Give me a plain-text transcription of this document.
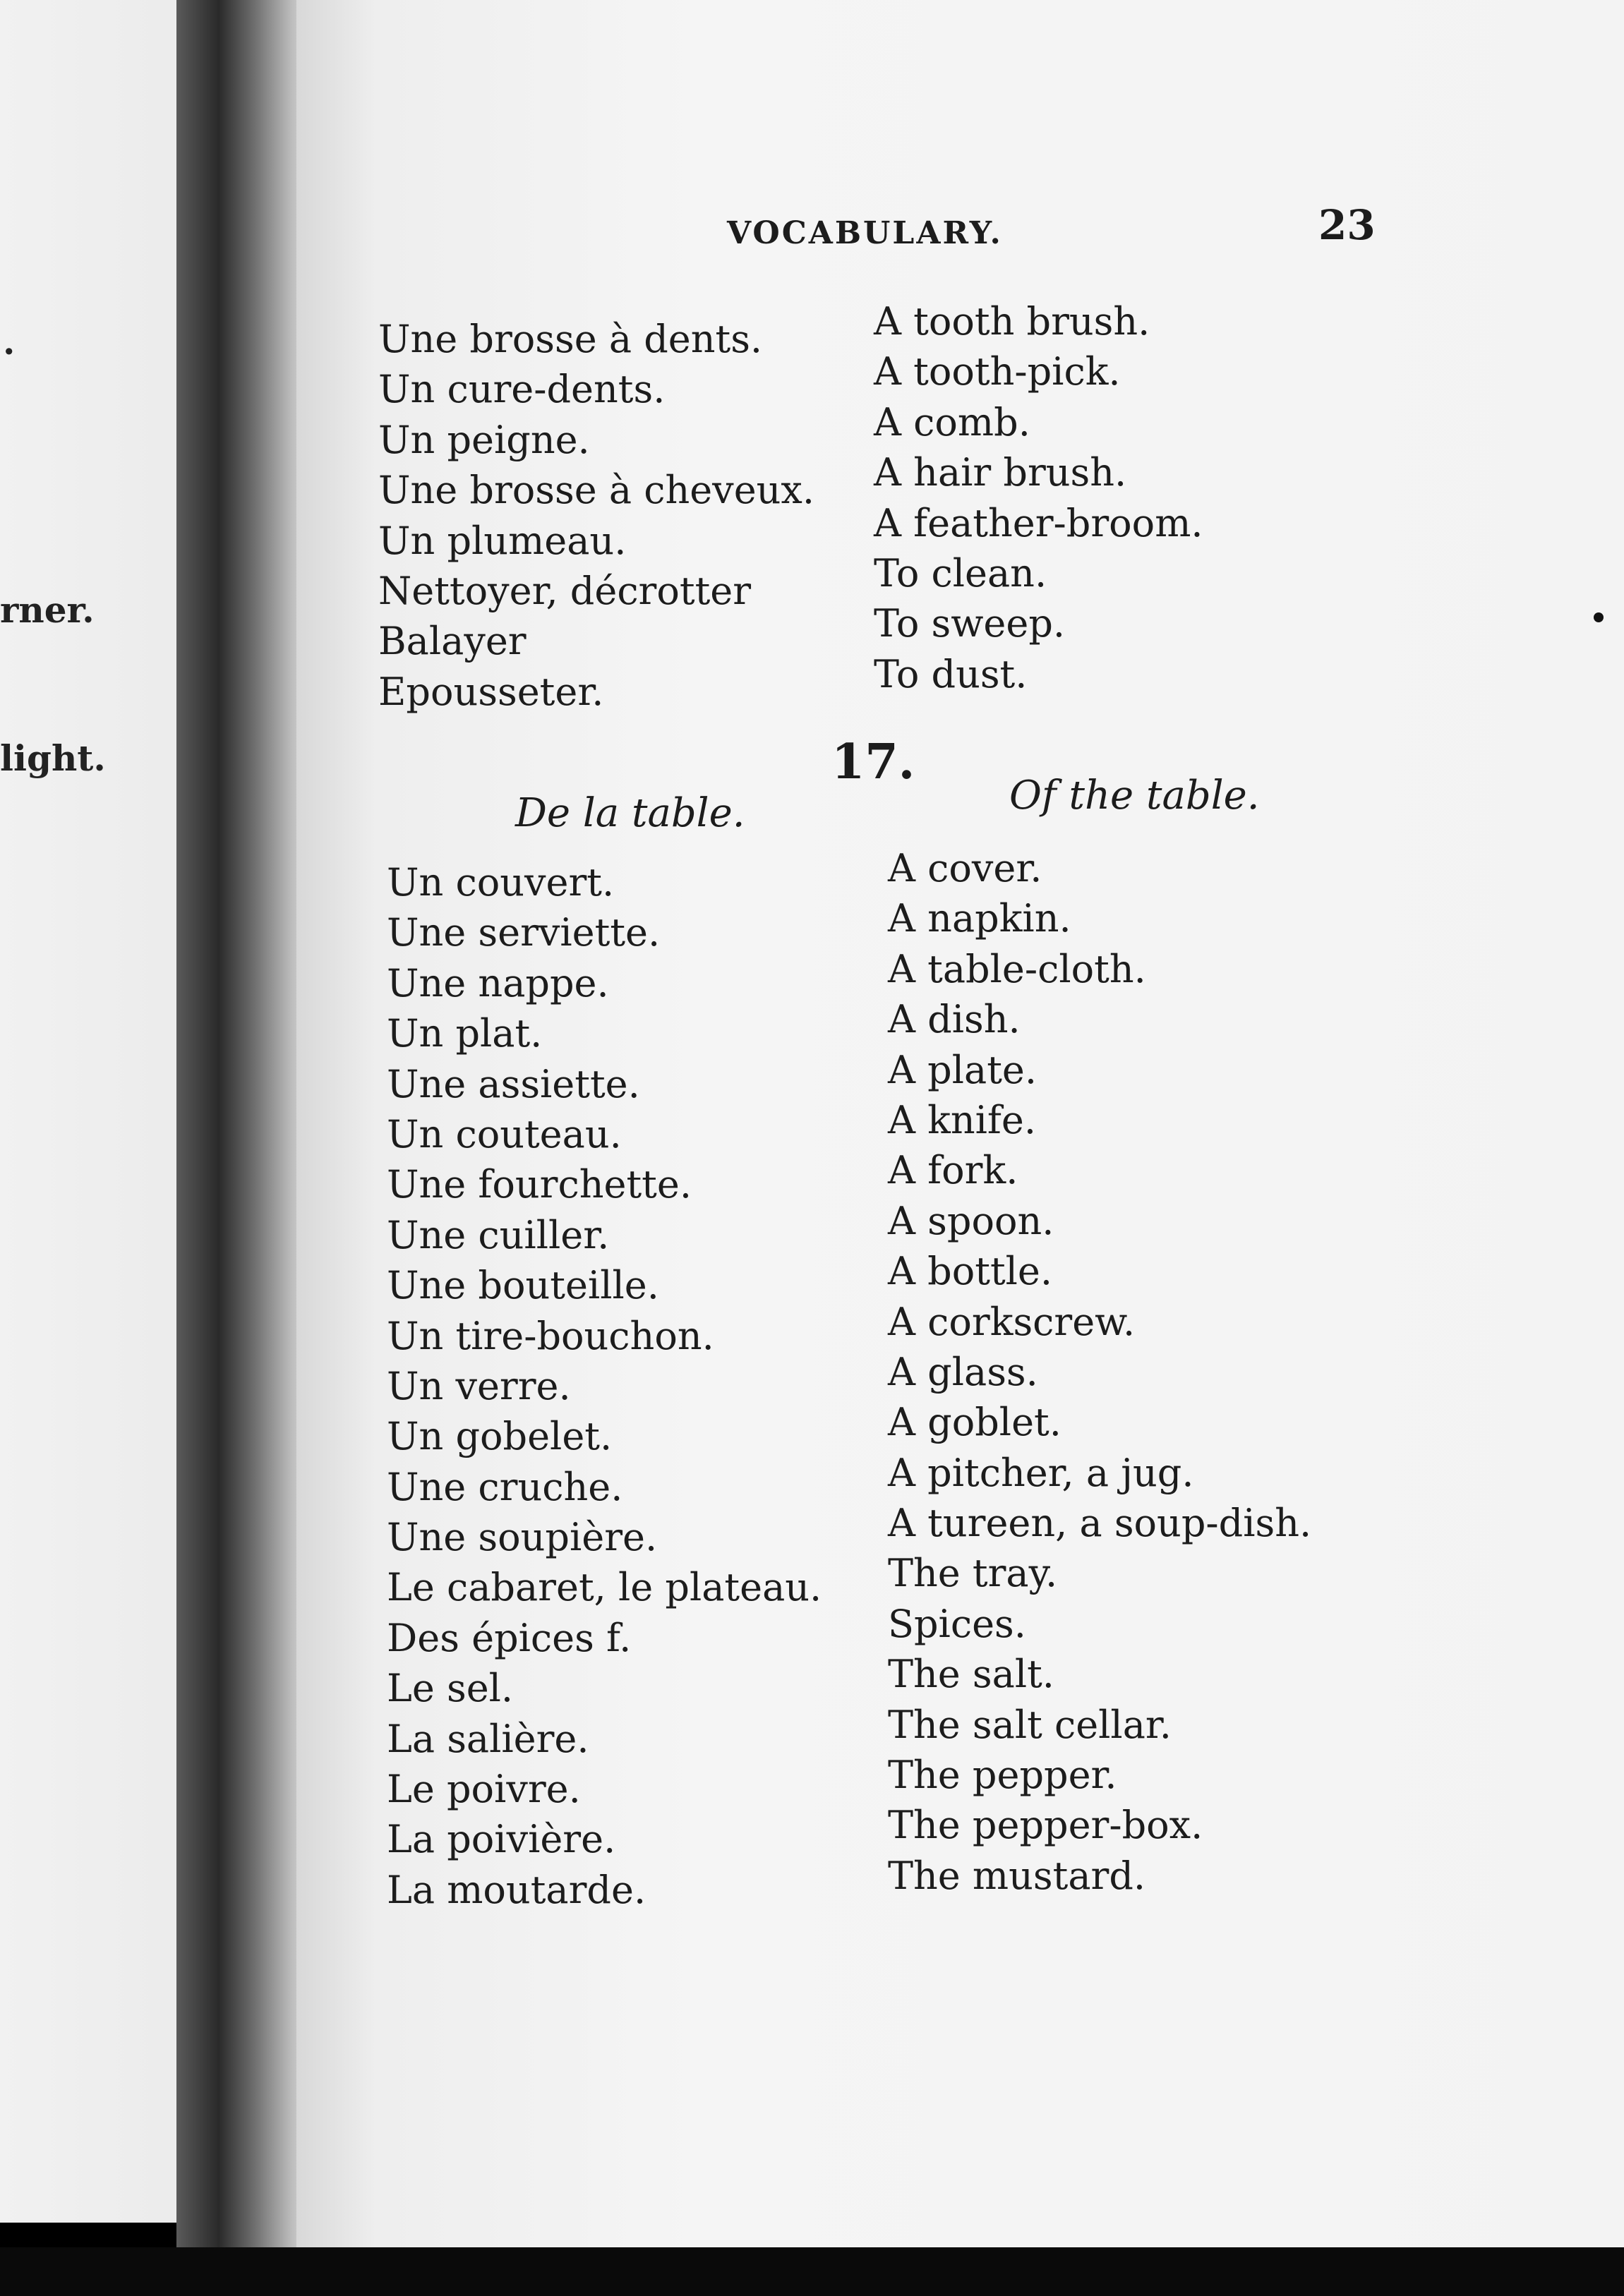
.
rner.
light.
VOCABULARY.	23
Une brosse à dents.
Un cure-dents.
Un peigne.
Une brosse à cheveux.
Un plumeau.
Nettoyer, décrotter
Balayer
Epousseter.
A tooth brush.
A tooth-pick.
A comb.
A hair brush.
A feather-broom.
To clean.
To sweep.
To dust.
17.
De la table.	Of the table.
Un couvert.
Une serviette.
Une nappe.
Un plat.
Une assiette.
Un couteau.
Une fourchette.
Une cuiller.
Une bouteille.
Un tire-bouchon.
Un verre.
Un gobelet.
Une cruche.
Une soupière.
Le cabaret, le plateau.
Des épices f.
Le sel.
La salière.
Le poivre.
La poivière.
La moutarde.
A cover.
A napkin.
A table-cloth.
A dish.
A plate.
A knife.
A fork.
A spoon.
A bottle.
A corkscrew.
A glass.
A goblet.
A pitcher, a jug.
A tureen, a soup-dish.
The tray.
Spices.
The salt.
The salt cellar.
The pepper.
The pepper-box.
The mustard.
